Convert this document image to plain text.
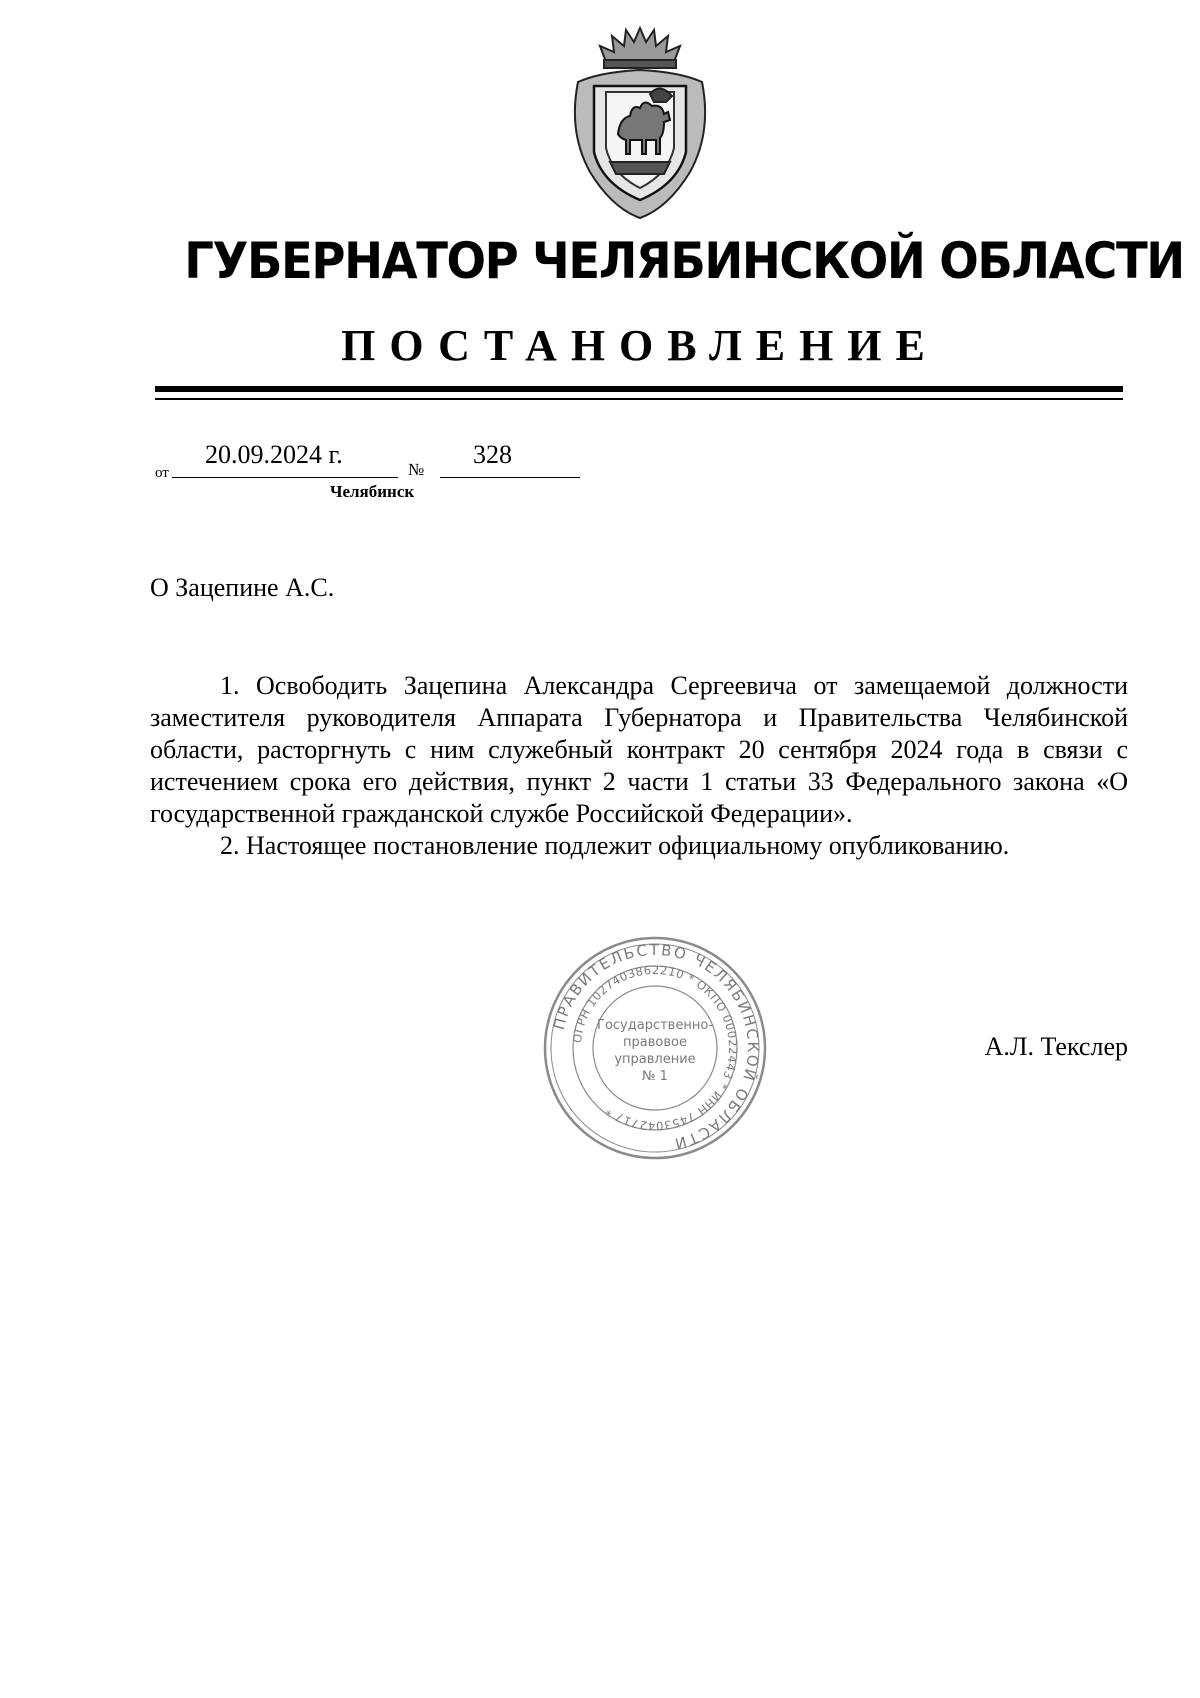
ГУБЕРНАТОР ЧЕЛЯБИНСКОЙ ОБЛАСТИ
ПОСТАНОВЛЕНИЕ
от
20.09.2024 г.
№
328
Челябинск
О Зацепине А.С.

1. Освободить Зацепина Александра Сергеевича от замещаемой должности заместителя руководителя Аппарата Губернатора и Правительства Челябинской области, расторгнуть с ним служебный контракт 20 сентября 2024 года в связи с истечением срока его действия, пункт 2 части 1 статьи 33 Федерального закона «О государственной гражданской службе Российской Федерации».

2. Настоящее постановление подлежит официальному опубликованию.

ПРАВИТЕЛЬСТВО ЧЕЛЯБИНСКОЙ ОБЛАСТИ
ОГРН 1027403862210 * ОКПО 00022443 * ИНН 7453042717 *
Государственно-
правовое
управление
№ 1
А.Л. Текслер
